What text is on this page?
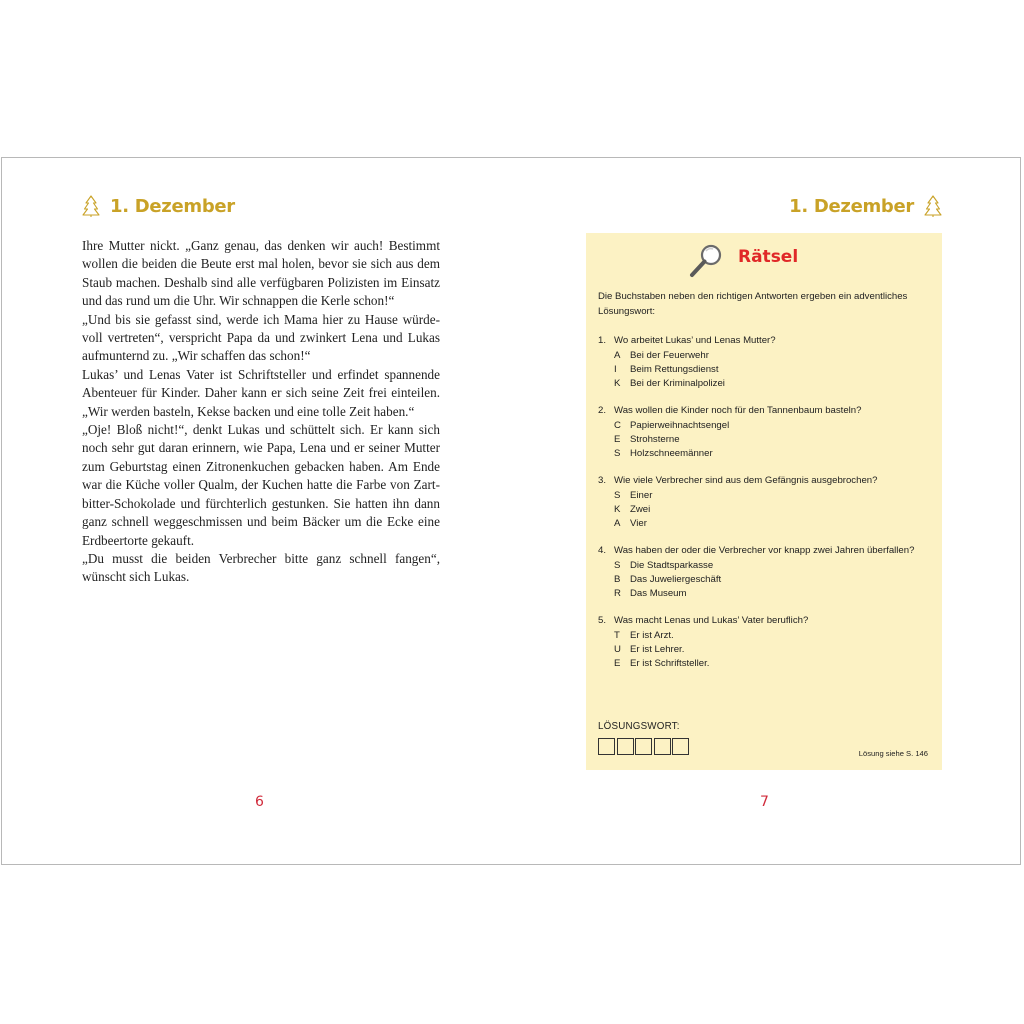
1. Dezember

Ihre Mutter nickt. „Ganz genau, das denken wir auch! Bestimmt wollen die beiden die Beute erst mal holen, bevor sie sich aus dem Staub machen. Deshalb sind alle verfügbaren Polizisten im Einsatz und das rund um die Uhr. Wir schnappen die Kerle schon!“

„Und bis sie gefasst sind, werde ich Mama hier zu Hause würdevoll vertreten“, verspricht Papa da und zwinkert Lena und Lukas aufmunternd zu. „Wir schaffen das schon!“

Lukas’ und Lenas Vater ist Schriftsteller und erfindet spannende Abenteuer für Kinder. Daher kann er sich seine Zeit frei einteilen. „Wir werden basteln, Kekse backen und eine tolle Zeit haben.“

„Oje! Bloß nicht!“, denkt Lukas und schüttelt sich. Er kann sich noch sehr gut daran erinnern, wie Papa, Lena und er seiner Mutter zum Geburtstag einen Zitronenkuchen gebacken haben. Am Ende war die Küche voller Qualm, der Kuchen hatte die Farbe von Zartbitter-Schokolade und fürchterlich gestunken. Sie hatten ihn dann ganz schnell weggeschmissen und beim Bäcker um die Ecke eine Erdbeertorte gekauft.

„Du musst die beiden Verbrecher bitte ganz schnell fangen“, wünscht sich Lukas.

6
1. Dezember
Rätsel
Die Buchstaben neben den richtigen Antworten ergeben ein adventliches Lösungswort:
1. Wo arbeitet Lukas’ und Lenas Mutter?
A Bei der Feuerwehr
I	Beim Rettungsdienst
K Bei der Kriminalpolizei
2. Was wollen die Kinder noch für den Tannenbaum basteln?
C Papierweihnachtsengel
E Strohsterne
S Holzschneemänner
3. Wie viele Verbrecher sind aus dem Gefängnis ausgebrochen?
S Einer
K Zwei
A Vier
4. Was haben der oder die Verbrecher vor knapp zwei Jahren überfallen?
S Die Stadtsparkasse
B Das Juweliergeschäft
R Das Museum
5. Was macht Lenas und Lukas’ Vater beruflich?
T	Er ist Arzt.
U Er ist Lehrer.
E Er ist Schriftsteller.
LÖSUNGSWORT:
Lösung siehe S. 146
7
